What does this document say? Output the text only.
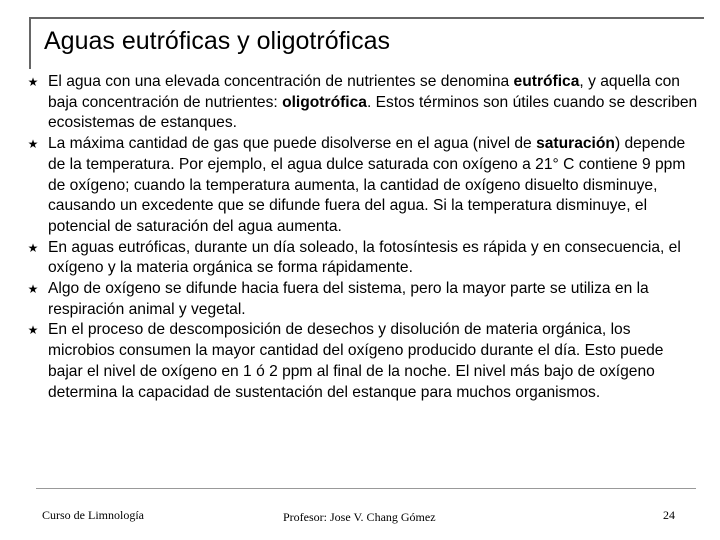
Aguas eutróficas y oligotróficas
★ El agua con una elevada concentración de nutrientes se denomina eutrófica, y aquella con baja concentración de nutrientes: oligotrófica. Estos términos son útiles cuando se describen ecosistemas de estanques.
★ La máxima cantidad de gas que puede disolverse en el agua (nivel de saturación) depende de la temperatura. Por ejemplo, el agua dulce saturada con oxígeno a 21° C contiene 9 ppm de oxígeno; cuando la temperatura aumenta, la cantidad de oxígeno disuelto disminuye, causando un excedente que se difunde fuera del agua. Si la temperatura disminuye, el potencial de saturación del agua aumenta.
★ En aguas eutróficas, durante un día soleado, la fotosíntesis es rápida y en consecuencia, el oxígeno y la materia orgánica se forma rápidamente.
★ Algo de oxígeno se difunde hacia fuera del sistema, pero la mayor parte se utiliza en la respiración animal y vegetal.
★ En el proceso de descomposición de desechos y disolución de materia orgánica, los microbios consumen la mayor cantidad del oxígeno producido durante el día. Esto puede bajar el nivel de oxígeno en 1 ó 2 ppm al final de la noche. El nivel más bajo de oxígeno determina la capacidad de sustentación del estanque para muchos organismos.
Curso de Limnología	Profesor: Jose V. Chang Gómez	24
